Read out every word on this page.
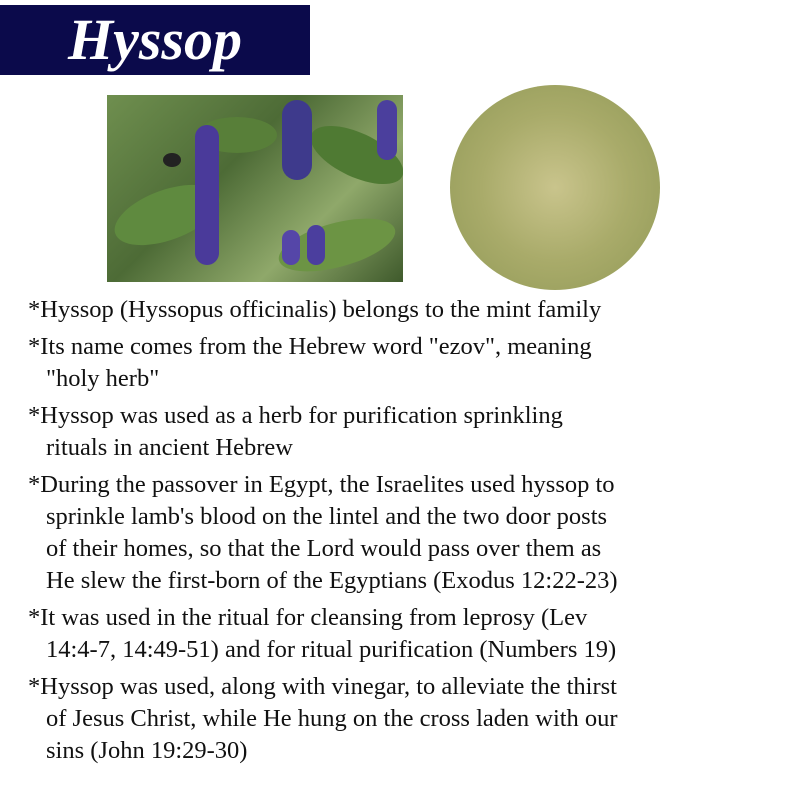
Hyssop
*Hyssop (Hyssopus officinalis) belongs to the mint family
*Its name comes from the Hebrew word "ezov", meaning
"holy herb"
*Hyssop was used as a herb for purification sprinkling
rituals in ancient Hebrew
*During the passover in Egypt, the Israelites used hyssop to
sprinkle lamb's blood on the lintel and the two door posts
of their homes, so that the Lord would pass over them as
He slew the first-born of the Egyptians (Exodus 12:22-23)
*It was used in the ritual for cleansing from leprosy (Lev
14:4-7, 14:49-51) and for ritual purification (Numbers 19)
*Hyssop was used, along with vinegar, to alleviate the thirst
of Jesus Christ, while He hung on the cross laden with our
sins (John 19:29-30)
